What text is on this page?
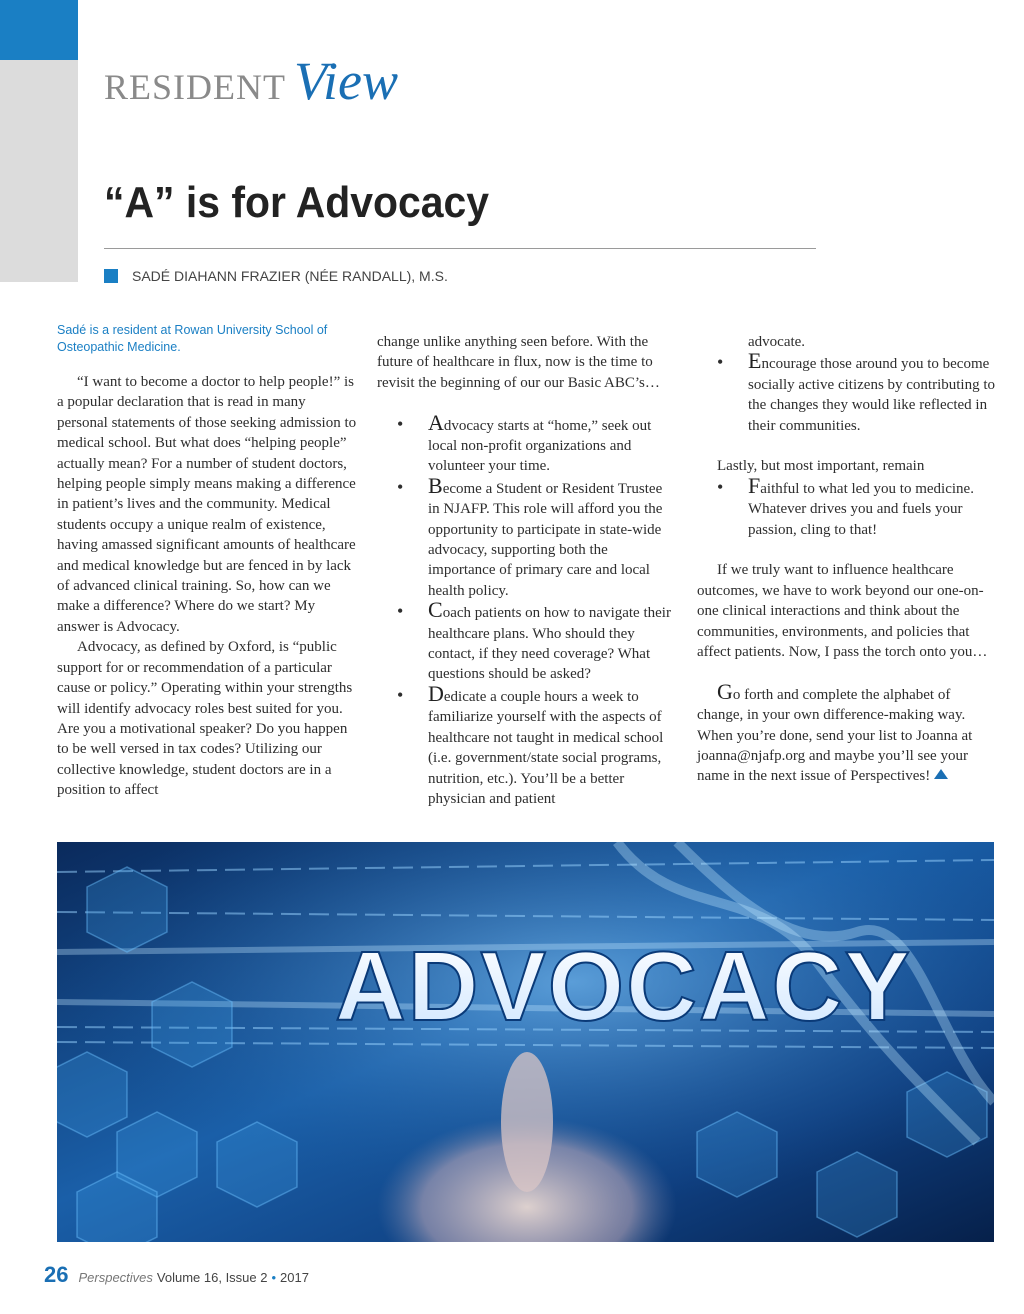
RESIDENT View
“A” is for Advocacy
SADÉ DIAHANN FRAZIER (NÉE RANDALL), M.S.

Sadé is a resident at Rowan University School of Osteopathic Medicine.

“I want to become a doctor to help people!” is a popular declaration that is read in many personal statements of those seeking admission to medical school. But what does “helping people” actually mean? For a number of student doctors, helping people simply means making a difference in patient’s lives and the community. Medical students occupy a unique realm of existence, having amassed significant amounts of healthcare and medical knowledge but are fenced in by lack of advanced clinical training. So, how can we make a difference? Where do we start? My answer is Advocacy.

Advocacy, as defined by Oxford, is “public support for or recommendation of a particular cause or policy.” Operating within your strengths will identify advocacy roles best suited for you. Are you a motivational speaker? Do you happen to be well versed in tax codes? Utilizing our collective knowledge, student doctors are in a position to affect

change unlike anything seen before. With the future of healthcare in flux, now is the time to revisit the beginning of our our Basic ABC’s…

• Advocacy starts at “home,” seek out local non-profit organizations and volunteer your time.
• Become a Student or Resident Trustee in NJAFP. This role will afford you the opportunity to participate in state-wide advocacy, supporting both the importance of primary care and local health policy.
• Coach patients on how to navigate their healthcare plans. Who should they contact, if they need coverage? What questions should be asked?
• Dedicate a couple hours a week to familiarize yourself with the aspects of healthcare not taught in medical school (i.e. government/state social programs, nutrition, etc.). You’ll be a better physician and patient

advocate.

• Encourage those around you to become socially active citizens by contributing to the changes they would like reflected in their communities.

Lastly, but most important, remain

• Faithful to what led you to medicine. Whatever drives you and fuels your passion, cling to that!

If we truly want to influence healthcare outcomes, we have to work beyond our one-on-one clinical interactions and think about the communities, environments, and policies that affect patients. Now, I pass the torch onto you…

Go forth and complete the alphabet of change, in your own difference-making way. When you’re done, send your list to Joanna at joanna@njafp.org and maybe you’ll see your name in the next issue of Perspectives!

ADVOCACY
26 Perspectives Volume 16, Issue 2 • 2017
